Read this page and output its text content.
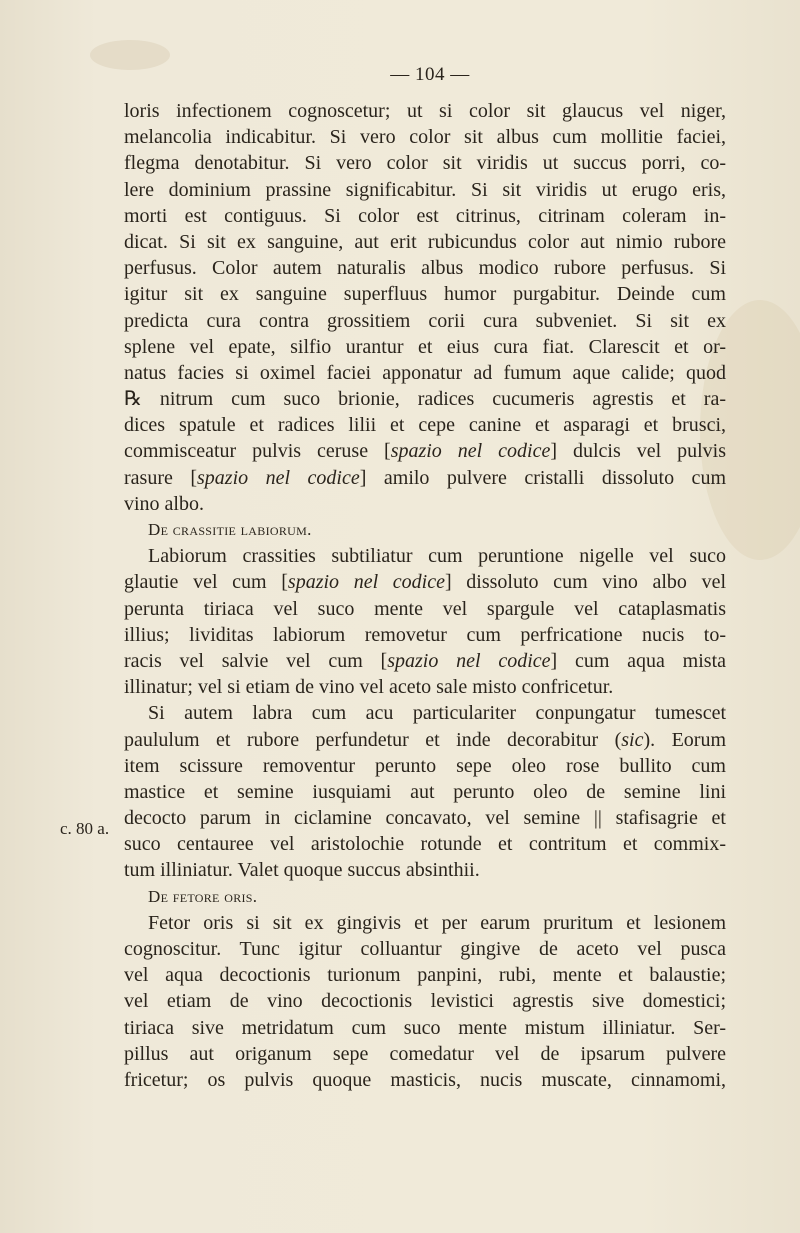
— 104 —
c. 80 a.
loris infectionem cognoscetur; ut si color sit glaucus vel niger,
melancolia indicabitur. Si vero color sit albus cum mollitie faciei,
flegma denotabitur. Si vero color sit viridis ut succus porri, co-
lere dominium prassine significabitur. Si sit viridis ut erugo eris,
morti est contiguus. Si color est citrinus, citrinam coleram in-
dicat. Si sit ex sanguine, aut erit rubicundus color aut nimio rubore
perfusus. Color autem naturalis albus modico rubore perfusus. Si
igitur sit ex sanguine superfluus humor purgabitur. Deinde cum
predicta cura contra grossitiem corii cura subveniet. Si sit ex
splene vel epate, silfio urantur et eius cura fiat. Clarescit et or-
natus facies si oximel faciei apponatur ad fumum aque calide; quod
℞ nitrum cum suco brionie, radices cucumeris agrestis et ra-
dices spatule et radices lilii et cepe canine et asparagi et brusci,
commisceatur pulvis ceruse [spazio nel codice] dulcis vel pulvis
rasure [spazio nel codice] amilo pulvere cristalli dissoluto cum
vino albo.
De crassitie labiorum.
Labiorum crassities subtiliatur cum peruntione nigelle vel suco
glautie vel cum [spazio nel codice] dissoluto cum vino albo vel
perunta tiriaca vel suco mente vel spargule vel cataplasmatis
illius; lividitas labiorum removetur cum perfricatione nucis to-
racis vel salvie vel cum [spazio nel codice] cum aqua mista
illinatur; vel si etiam de vino vel aceto sale misto confricetur.
Si autem labra cum acu particulariter conpungatur tumescet
paululum et rubore perfundetur et inde decorabitur (sic). Eorum
item scissure removentur perunto sepe oleo rose bullito cum
mastice et semine iusquiami aut perunto oleo de semine lini
decocto parum in ciclamine concavato, vel semine || stafisagrie et
suco centauree vel aristolochie rotunde et contritum et commix-
tum illiniatur. Valet quoque succus absinthii.
De fetore oris.
Fetor oris si sit ex gingivis et per earum pruritum et lesionem
cognoscitur. Tunc igitur colluantur gingive de aceto vel pusca
vel aqua decoctionis turionum panpini, rubi, mente et balaustie;
vel etiam de vino decoctionis levistici agrestis sive domestici;
tiriaca sive metridatum cum suco mente mistum illiniatur. Ser-
pillus aut origanum sepe comedatur vel de ipsarum pulvere
fricetur; os pulvis quoque masticis, nucis muscate, cinnamomi,
